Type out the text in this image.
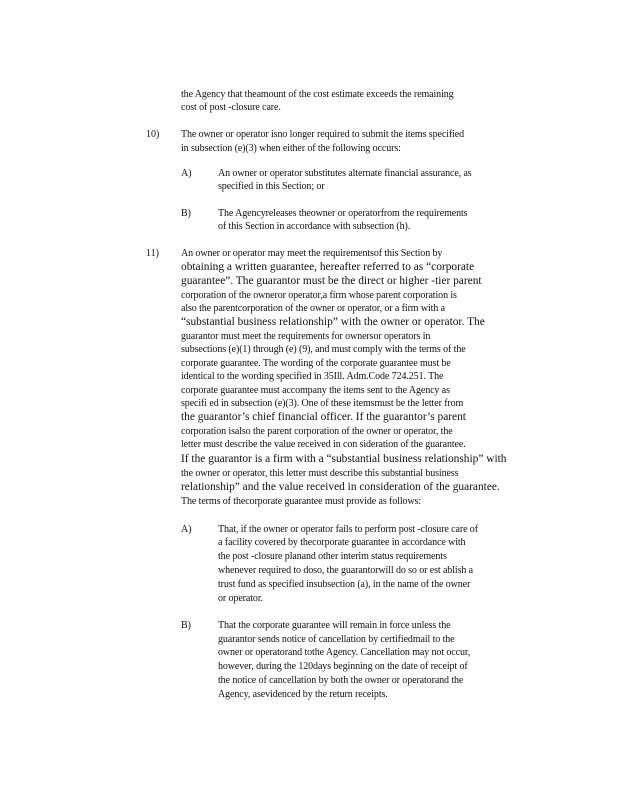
the Agency that theamount of the cost estimate exceeds the remaining
cost of post -closure care.
10) The owner or operator isno longer required to submit the items specified
in subsection (e)(3) when either of the following occurs:
A)	An owner or operator substitutes alternate financial assurance, as
specified in this Section; or
B)	The Agencyreleases theowner or operatorfrom the requirements
of this Section in accordance with subsection (h).
11) An owner or operator may meet the requirementsof this Section by
obtaining a written guarantee, hereafter referred to as “corporate
guarantee”. The guarantor must be the direct or higher -tier parent
corporation of the owneror operator,a firm whose parent corporation is
also the parentcorporation of the owner or operator, or a firm with a
“substantial business relationship” with the owner or operator. The
guarantor must meet the requirements for ownersor operators in
subsections (e)(1) through (e) (9), and must comply with the terms of the
corporate guarantee. The wording of the corporate guarantee must be
identical to the wording specified in 35Ill. Adm.Code 724.251. The
corporate guarantee must accompany the items sent to the Agency as
specifi ed in subsection (e)(3). One of these itemsmust be the letter from
the guarantor’s chief financial officer. If the guarantor’s parent
corporation isalso the parent corporation of the owner or operator, the
letter must describe the value received in con sideration of the guarantee.
If the guarantor is a firm with a “substantial business relationship” with
the owner or operator, this letter must describe this substantial business
relationship” and the value received in consideration of the guarantee.
The terms of thecorporate guarantee must provide as follows:
A)	That, if the owner or operator fails to perform post -closure care of
a facility covered by thecorporate guarantee in accordance with
the post -closure planand other interim status requirements
whenever required to doso, the guarantorwill do so or est ablish a
trust fund as specified insubsection (a), in the name of the owner
or operator.
B)	That the corporate guarantee will remain in force unless the
guarantor sends notice of cancellation by certifiedmail to the
owner or operatorand tothe Agency. Cancellation may not occur,
however, during the 120days beginning on the date of receipt of
the notice of cancellation by both the owner or operatorand the
Agency, asevidenced by the return receipts.
